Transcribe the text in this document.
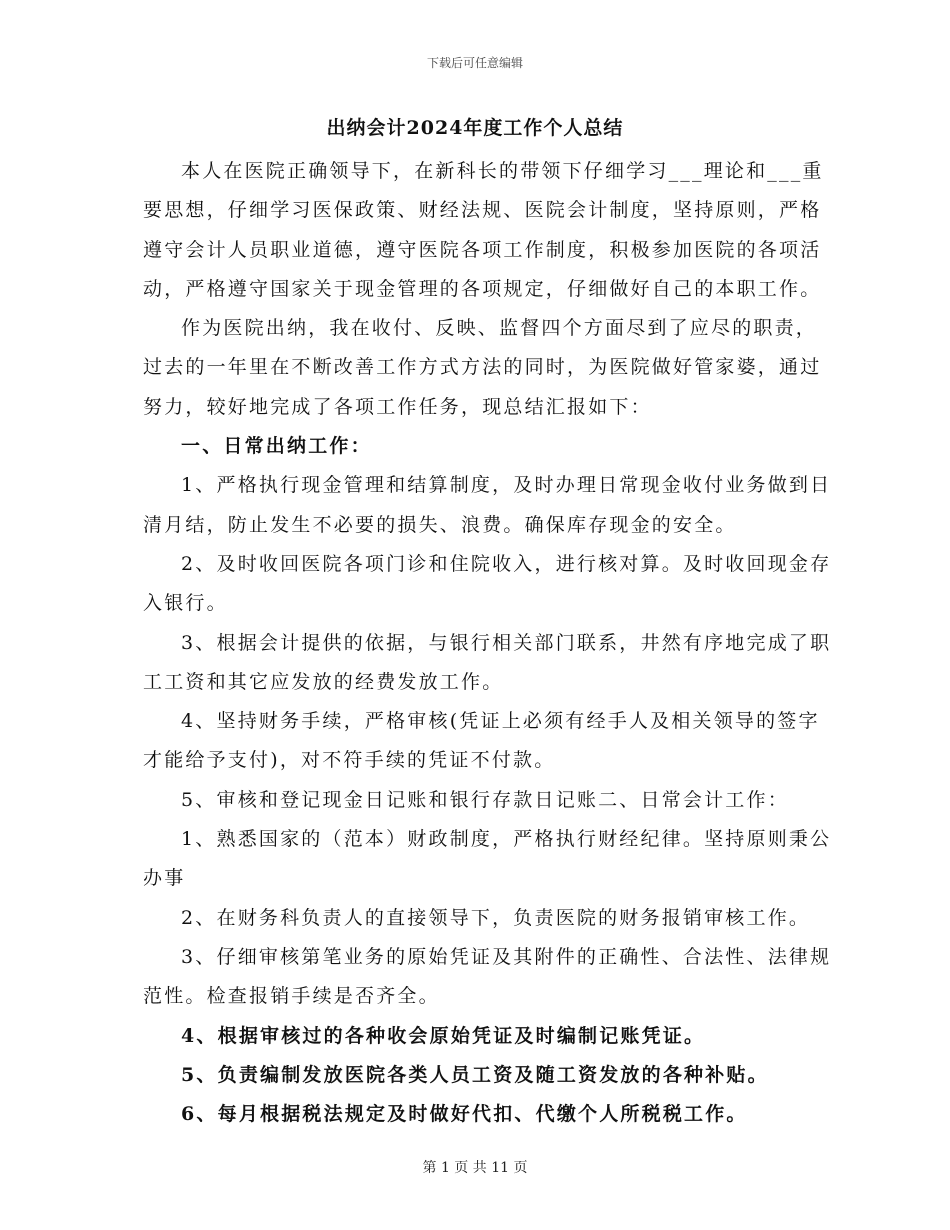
下载后可任意编辑
出纳会计2024年度工作个人总结

本人在医院正确领导下，在新科长的带领下仔细学习___理论和___重要思想，仔细学习医保政策、财经法规、医院会计制度，坚持原则，严格遵守会计人员职业道德，遵守医院各项工作制度，积极参加医院的各项活动，严格遵守国家关于现金管理的各项规定，仔细做好自己的本职工作。

作为医院出纳，我在收付、反映、监督四个方面尽到了应尽的职责，过去的一年里在不断改善工作方式方法的同时，为医院做好管家婆，通过努力，较好地完成了各项工作任务，现总结汇报如下：

一、日常出纳工作：

1、严格执行现金管理和结算制度，及时办理日常现金收付业务做到日清月结，防止发生不必要的损失、浪费。确保库存现金的安全。

2、及时收回医院各项门诊和住院收入，进行核对算。及时收回现金存入银行。

3、根据会计提供的依据，与银行相关部门联系，井然有序地完成了职工工资和其它应发放的经费发放工作。

4、坚持财务手续，严格审核(凭证上必须有经手人及相关领导的签字才能给予支付)，对不符手续的凭证不付款。

5、审核和登记现金日记账和银行存款日记账二、日常会计工作：

1、熟悉国家的（范本）财政制度，严格执行财经纪律。坚持原则秉公办事

2、在财务科负责人的直接领导下，负责医院的财务报销审核工作。

3、仔细审核第笔业务的原始凭证及其附件的正确性、合法性、法律规范性。检查报销手续是否齐全。

4、根据审核过的各种收会原始凭证及时编制记账凭证。

5、负责编制发放医院各类人员工资及随工资发放的各种补贴。

6、每月根据税法规定及时做好代扣、代缴个人所税税工作。

第 1 页 共 11 页
